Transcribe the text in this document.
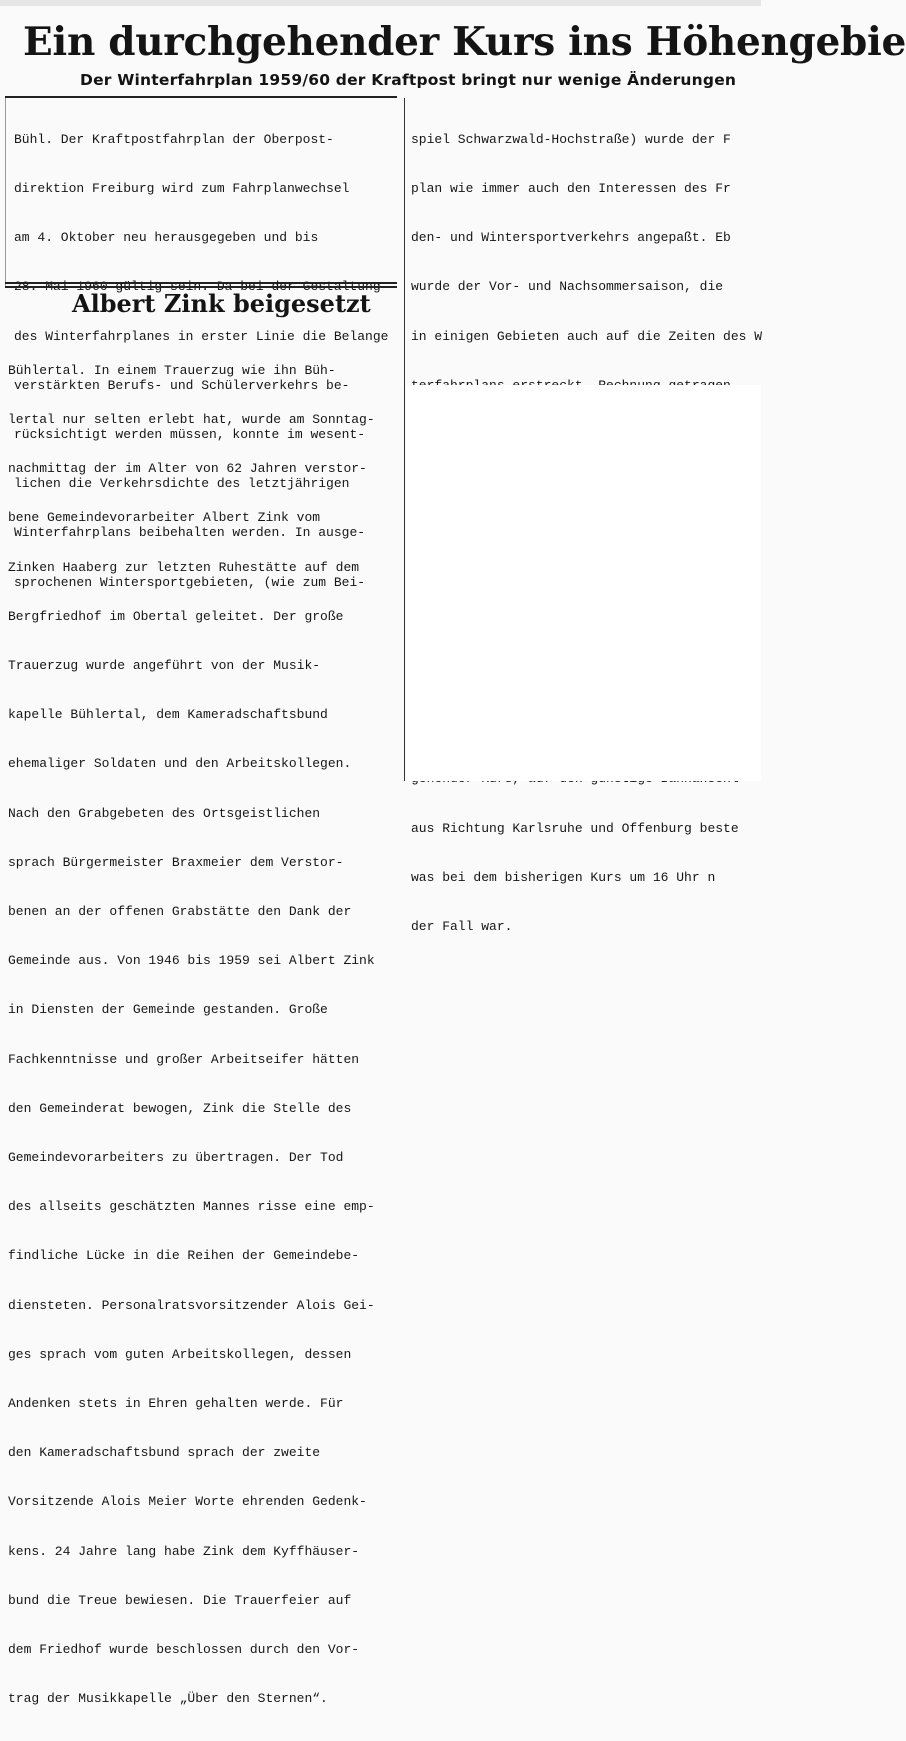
Ein durchgehender Kurs ins Höhengebie
Der Winterfahrplan 1959/60 der Kraftpost bringt nur wenige Änderungen

Bühl. Der Kraftpostfahrplan der Oberpost-

direktion Freiburg wird zum Fahrplanwechsel

am 4. Oktober neu herausgegeben und bis

des Winterfahrplanes in erster Linie die Belange

verstärkten Berufs- und Schülerverkehrs be-

rücksichtigt werden müssen, konnte im wesent-

lichen die Verkehrsdichte des letztjährigen

Winterfahrplans beibehalten werden. In ausge-

sprochenen Wintersportgebieten, (wie zum Bei-

Albert Zink beigesetzt

Bühlertal. In einem Trauerzug wie ihn Büh-

lertal nur selten erlebt hat, wurde am Sonntag-

nachmittag der im Alter von 62 Jahren verstor-

bene Gemeindevorarbeiter Albert Zink vom

Zinken Haaberg zur letzten Ruhestätte auf dem

Bergfriedhof im Obertal geleitet. Der große

Trauerzug wurde angeführt von der Musik-

kapelle Bühlertal, dem Kameradschaftsbund

ehemaliger Soldaten und den Arbeitskollegen.

Nach den Grabgebeten des Ortsgeistlichen

sprach Bürgermeister Braxmeier dem Verstor-

benen an der offenen Grabstätte den Dank der

Gemeinde aus. Von 1946 bis 1959 sei Albert Zink

in Diensten der Gemeinde gestanden. Große

Fachkenntnisse und großer Arbeitseifer hätten

den Gemeinderat bewogen, Zink die Stelle des

Gemeindevorarbeiters zu übertragen. Der Tod

des allseits geschätzten Mannes risse eine emp-

findliche Lücke in die Reihen der Gemeindebe-

diensteten. Personalratsvorsitzender Alois Gei-

ges sprach vom guten Arbeitskollegen, dessen

Andenken stets in Ehren gehalten werde. Für

den Kameradschaftsbund sprach der zweite

Vorsitzende Alois Meier Worte ehrenden Gedenk-

kens. 24 Jahre lang habe Zink dem Kyffhäuser-

bund die Treue bewiesen. Die Trauerfeier auf

dem Friedhof wurde beschlossen durch den Vor-

trag der Musikkapelle „Über den Sternen“.

spiel Schwarzwald-Hochstraße) wurde der F

plan wie immer auch den Interessen des Fr

den- und Wintersportverkehrs angepaßt. Eb

wurde der Vor- und Nachsommersaison, die

in einigen Gebieten auch auf die Zeiten des W

aus Richtung Karlsruhe und Offenburg beste

was bei dem bisherigen Kurs um 16 Uhr n

der Fall war.
